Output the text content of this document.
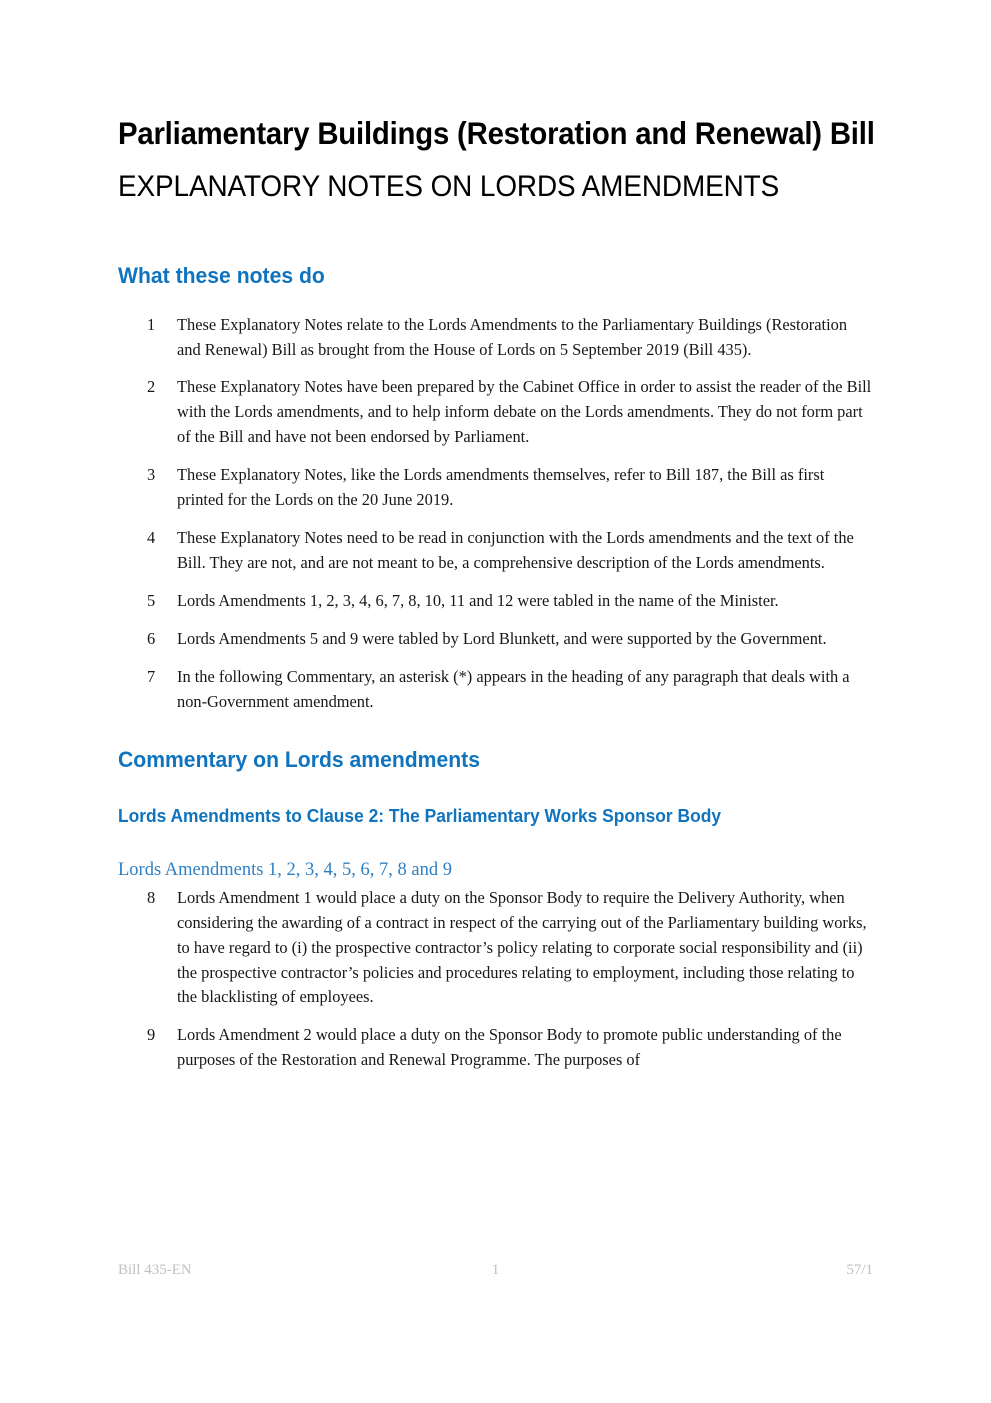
Parliamentary Buildings (Restoration and Renewal) Bill
EXPLANATORY NOTES ON LORDS AMENDMENTS
What these notes do
1	These Explanatory Notes relate to the Lords Amendments to the Parliamentary Buildings (Restoration and Renewal) Bill as brought from the House of Lords on 5 September 2019 (Bill 435).
2	These Explanatory Notes have been prepared by the Cabinet Office in order to assist the reader of the Bill with the Lords amendments, and to help inform debate on the Lords amendments. They do not form part of the Bill and have not been endorsed by Parliament.
3	These Explanatory Notes, like the Lords amendments themselves, refer to Bill 187, the Bill as first printed for the Lords on the 20 June 2019.
4	These Explanatory Notes need to be read in conjunction with the Lords amendments and the text of the Bill. They are not, and are not meant to be, a comprehensive description of the Lords amendments.
5	Lords Amendments 1, 2, 3, 4, 6, 7, 8, 10, 11 and 12 were tabled in the name of the Minister.
6	Lords Amendments 5 and 9 were tabled by Lord Blunkett, and were supported by the Government.
7	In the following Commentary, an asterisk (*) appears in the heading of any paragraph that deals with a non-Government amendment.
Commentary on Lords amendments
Lords Amendments to Clause 2: The Parliamentary Works Sponsor Body
Lords Amendments 1, 2, 3, 4, 5, 6, 7, 8 and 9
8	Lords Amendment 1 would place a duty on the Sponsor Body to require the Delivery Authority, when considering the awarding of a contract in respect of the carrying out of the Parliamentary building works, to have regard to (i) the prospective contractor’s policy relating to corporate social responsibility and (ii) the prospective contractor’s policies and procedures relating to employment, including those relating to the blacklisting of employees.
9	Lords Amendment 2 would place a duty on the Sponsor Body to promote public understanding of the purposes of the Restoration and Renewal Programme. The purposes of
Bill 435-EN	1	57/1
